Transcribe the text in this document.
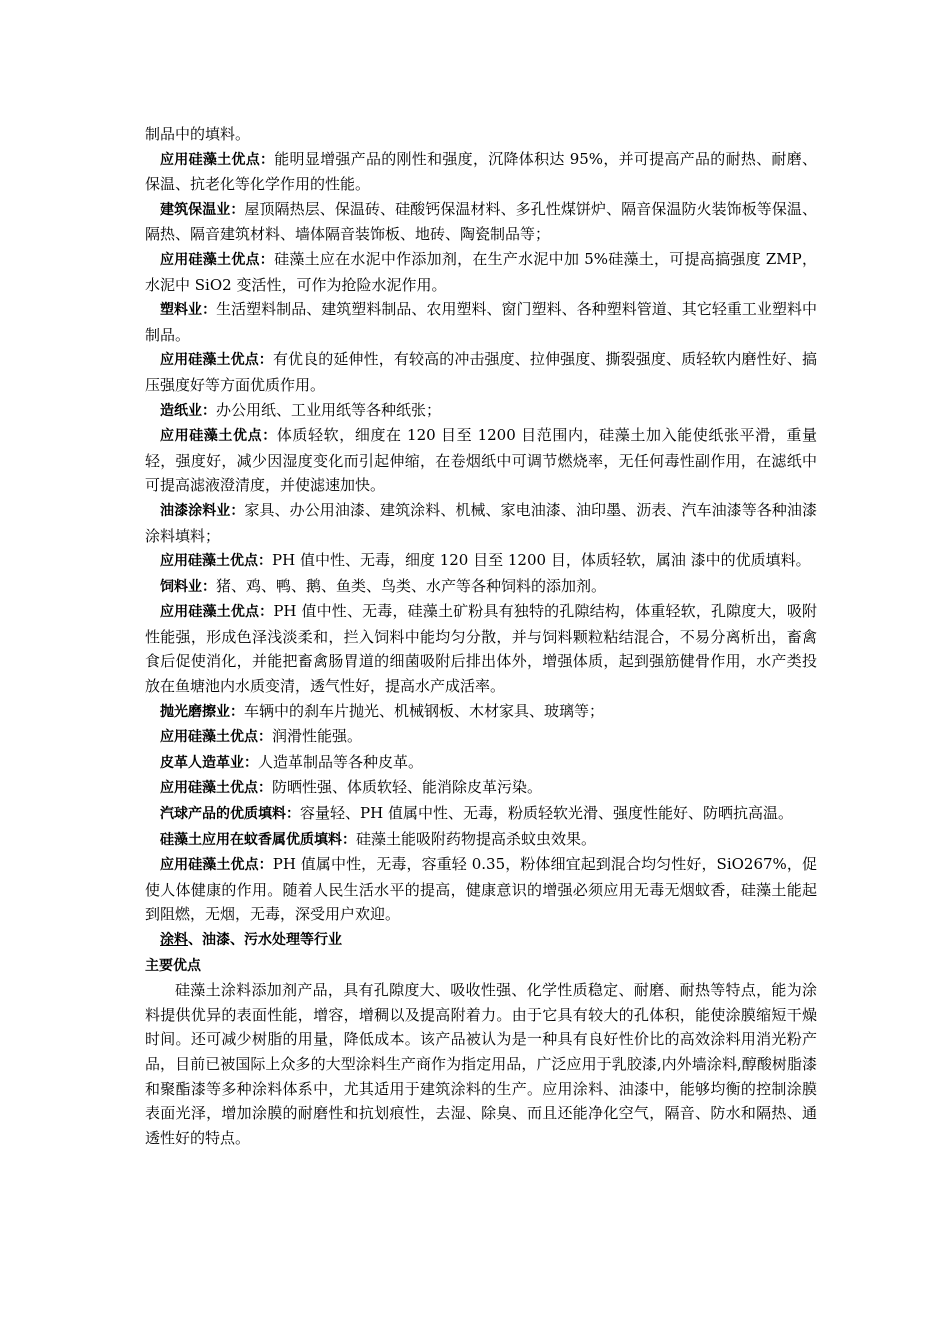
制品中的填料。

应用硅藻土优点：能明显增强产品的刚性和强度，沉降体积达 95%，并可提高产品的耐热、耐磨、保温、抗老化等化学作用的性能。

建筑保温业：屋顶隔热层、保温砖、硅酸钙保温材料、多孔性煤饼炉、隔音保温防火装饰板等保温、隔热、隔音建筑材料、墙体隔音装饰板、地砖、陶瓷制品等；

应用硅藻土优点：硅藻土应在水泥中作添加剂，在生产水泥中加 5%硅藻土，可提高搞强度 ZMP，水泥中 SiO2 变活性，可作为抢险水泥作用。

塑料业：生活塑料制品、建筑塑料制品、农用塑料、窗门塑料、各种塑料管道、其它轻重工业塑料中制品。

应用硅藻土优点：有优良的延伸性，有较高的冲击强度、拉伸强度、撕裂强度、质轻软内磨性好、搞压强度好等方面优质作用。

造纸业：办公用纸、工业用纸等各种纸张；

应用硅藻土优点：体质轻软，细度在 120 目至 1200 目范围内，硅藻土加入能使纸张平滑，重量轻，强度好，减少因湿度变化而引起伸缩，在卷烟纸中可调节燃烧率，无任何毒性副作用，在滤纸中可提高滤液澄清度，并使滤速加快。

油漆涂料业：家具、办公用油漆、建筑涂料、机械、家电油漆、油印墨、沥表、汽车油漆等各种油漆涂料填料；

应用硅藻土优点：PH 值中性、无毒，细度 120 目至 1200 目，体质轻软，属油 漆中的优质填料。

饲料业：猪、鸡、鸭、鹅、鱼类、鸟类、水产等各种饲料的添加剂。

应用硅藻土优点：PH 值中性、无毒，硅藻土矿粉具有独特的孔隙结构，体重轻软，孔隙度大，吸附性能强，形成色泽浅淡柔和，拦入饲料中能均匀分散，并与饲料颗粒粘结混合，不易分离析出，畜禽食后促使消化，并能把畜禽肠胃道的细菌吸附后排出体外，增强体质，起到强筋健骨作用，水产类投放在鱼塘池内水质变清，透气性好，提高水产成活率。

抛光磨擦业：车辆中的刹车片抛光、机械钢板、木材家具、玻璃等；

应用硅藻土优点：润滑性能强。

皮革人造革业：人造革制品等各种皮革。

应用硅藻土优点：防晒性强、体质软轻、能消除皮革污染。

汽球产品的优质填料：容量轻、PH 值属中性、无毒，粉质轻软光滑、强度性能好、防晒抗高温。

硅藻土应用在蚊香属优质填料：硅藻土能吸附药物提高杀蚊虫效果。

应用硅藻土优点：PH 值属中性，无毒，容重轻 0.35，粉体细宜起到混合均匀性好，SiO267%，促使人体健康的作用。随着人民生活水平的提高，健康意识的增强必须应用无毒无烟蚊香，硅藻土能起到阻燃，无烟，无毒，深受用户欢迎。

涂料、油漆、污水处理等行业

主要优点

硅藻土涂料添加剂产品，具有孔隙度大、吸收性强、化学性质稳定、耐磨、耐热等特点，能为涂料提供优异的表面性能，增容，增稠以及提高附着力。由于它具有较大的孔体积，能使涂膜缩短干燥时间。还可减少树脂的用量，降低成本。该产品被认为是一种具有良好性价比的高效涂料用消光粉产品，目前已被国际上众多的大型涂料生产商作为指定用品，广泛应用于乳胶漆,内外墙涂料,醇酸树脂漆和聚酯漆等多种涂料体系中，尤其适用于建筑涂料的生产。应用涂料、油漆中，能够均衡的控制涂膜表面光泽，增加涂膜的耐磨性和抗划痕性，去湿、除臭、而且还能净化空气，隔音、防水和隔热、通透性好的特点。
